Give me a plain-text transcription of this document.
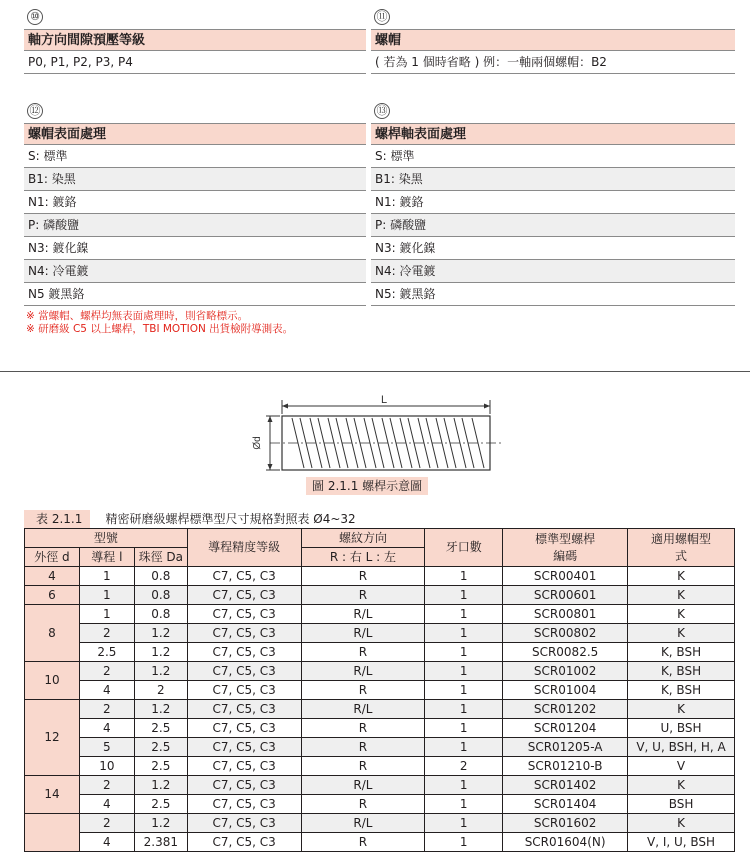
⑩
軸方向間隙預壓等級
P0, P1, P2, P3, P4
⑪
螺帽
( 若為 1 個時省略 ) 例：一軸兩個螺帽：B2
⑫
螺帽表面處理
S: 標準
B1: 染黑
N1: 鍍鉻
P: 磷酸鹽
N3: 鍍化鎳
N4: 冷電鍍
N5 鍍黑鉻
⑬
螺桿軸表面處理
S: 標準
B1: 染黑
N1: 鍍鉻
P: 磷酸鹽
N3: 鍍化鎳
N4: 冷電鍍
N5: 鍍黑鉻
※ 當螺帽、螺桿均無表面處理時，則省略標示。
※ 研磨級 C5 以上螺桿，TBI MOTION 出貨檢附導測表。
L
Ød
圖 2.1.1 螺桿示意圖
表 2.1.1 精密研磨級螺桿標準型尺寸規格對照表 Ø4~32
型號			導程精度等級	螺紋方向	牙口數	標準型螺桿編碼	適用螺帽型式
外徑 d	導程 l	珠徑 Da		R : 右 L : 左			
4	1	0.8	C7, C5, C3	R	1	SCR00401	K
6	1	0.8	C7, C5, C3	R	1	SCR00601	K
8	1	0.8	C7, C5, C3	R/L	1	SCR00801	K
	2	1.2	C7, C5, C3	R/L	1	SCR00802	K
	2.5	1.2	C7, C5, C3	R	1	SCR0082.5	K, BSH
10	2	1.2	C7, C5, C3	R/L	1	SCR01002	K, BSH
	4	2	C7, C5, C3	R	1	SCR01004	K, BSH
12	2	1.2	C7, C5, C3	R/L	1	SCR01202	K
	4	2.5	C7, C5, C3	R	1	SCR01204	U, BSH
	5	2.5	C7, C5, C3	R	1	SCR01205-A	V, U, BSH, H, A
	10	2.5	C7, C5, C3	R	2	SCR01210-B	V
14	2	1.2	C7, C5, C3	R/L	1	SCR01402	K
	4	2.5	C7, C5, C3	R	1	SCR01404	BSH
	2	1.2	C7, C5, C3	R/L	1	SCR01602	K
	4	2.381	C7, C5, C3	R	1	SCR01604(N)	V, I, U, BSH
